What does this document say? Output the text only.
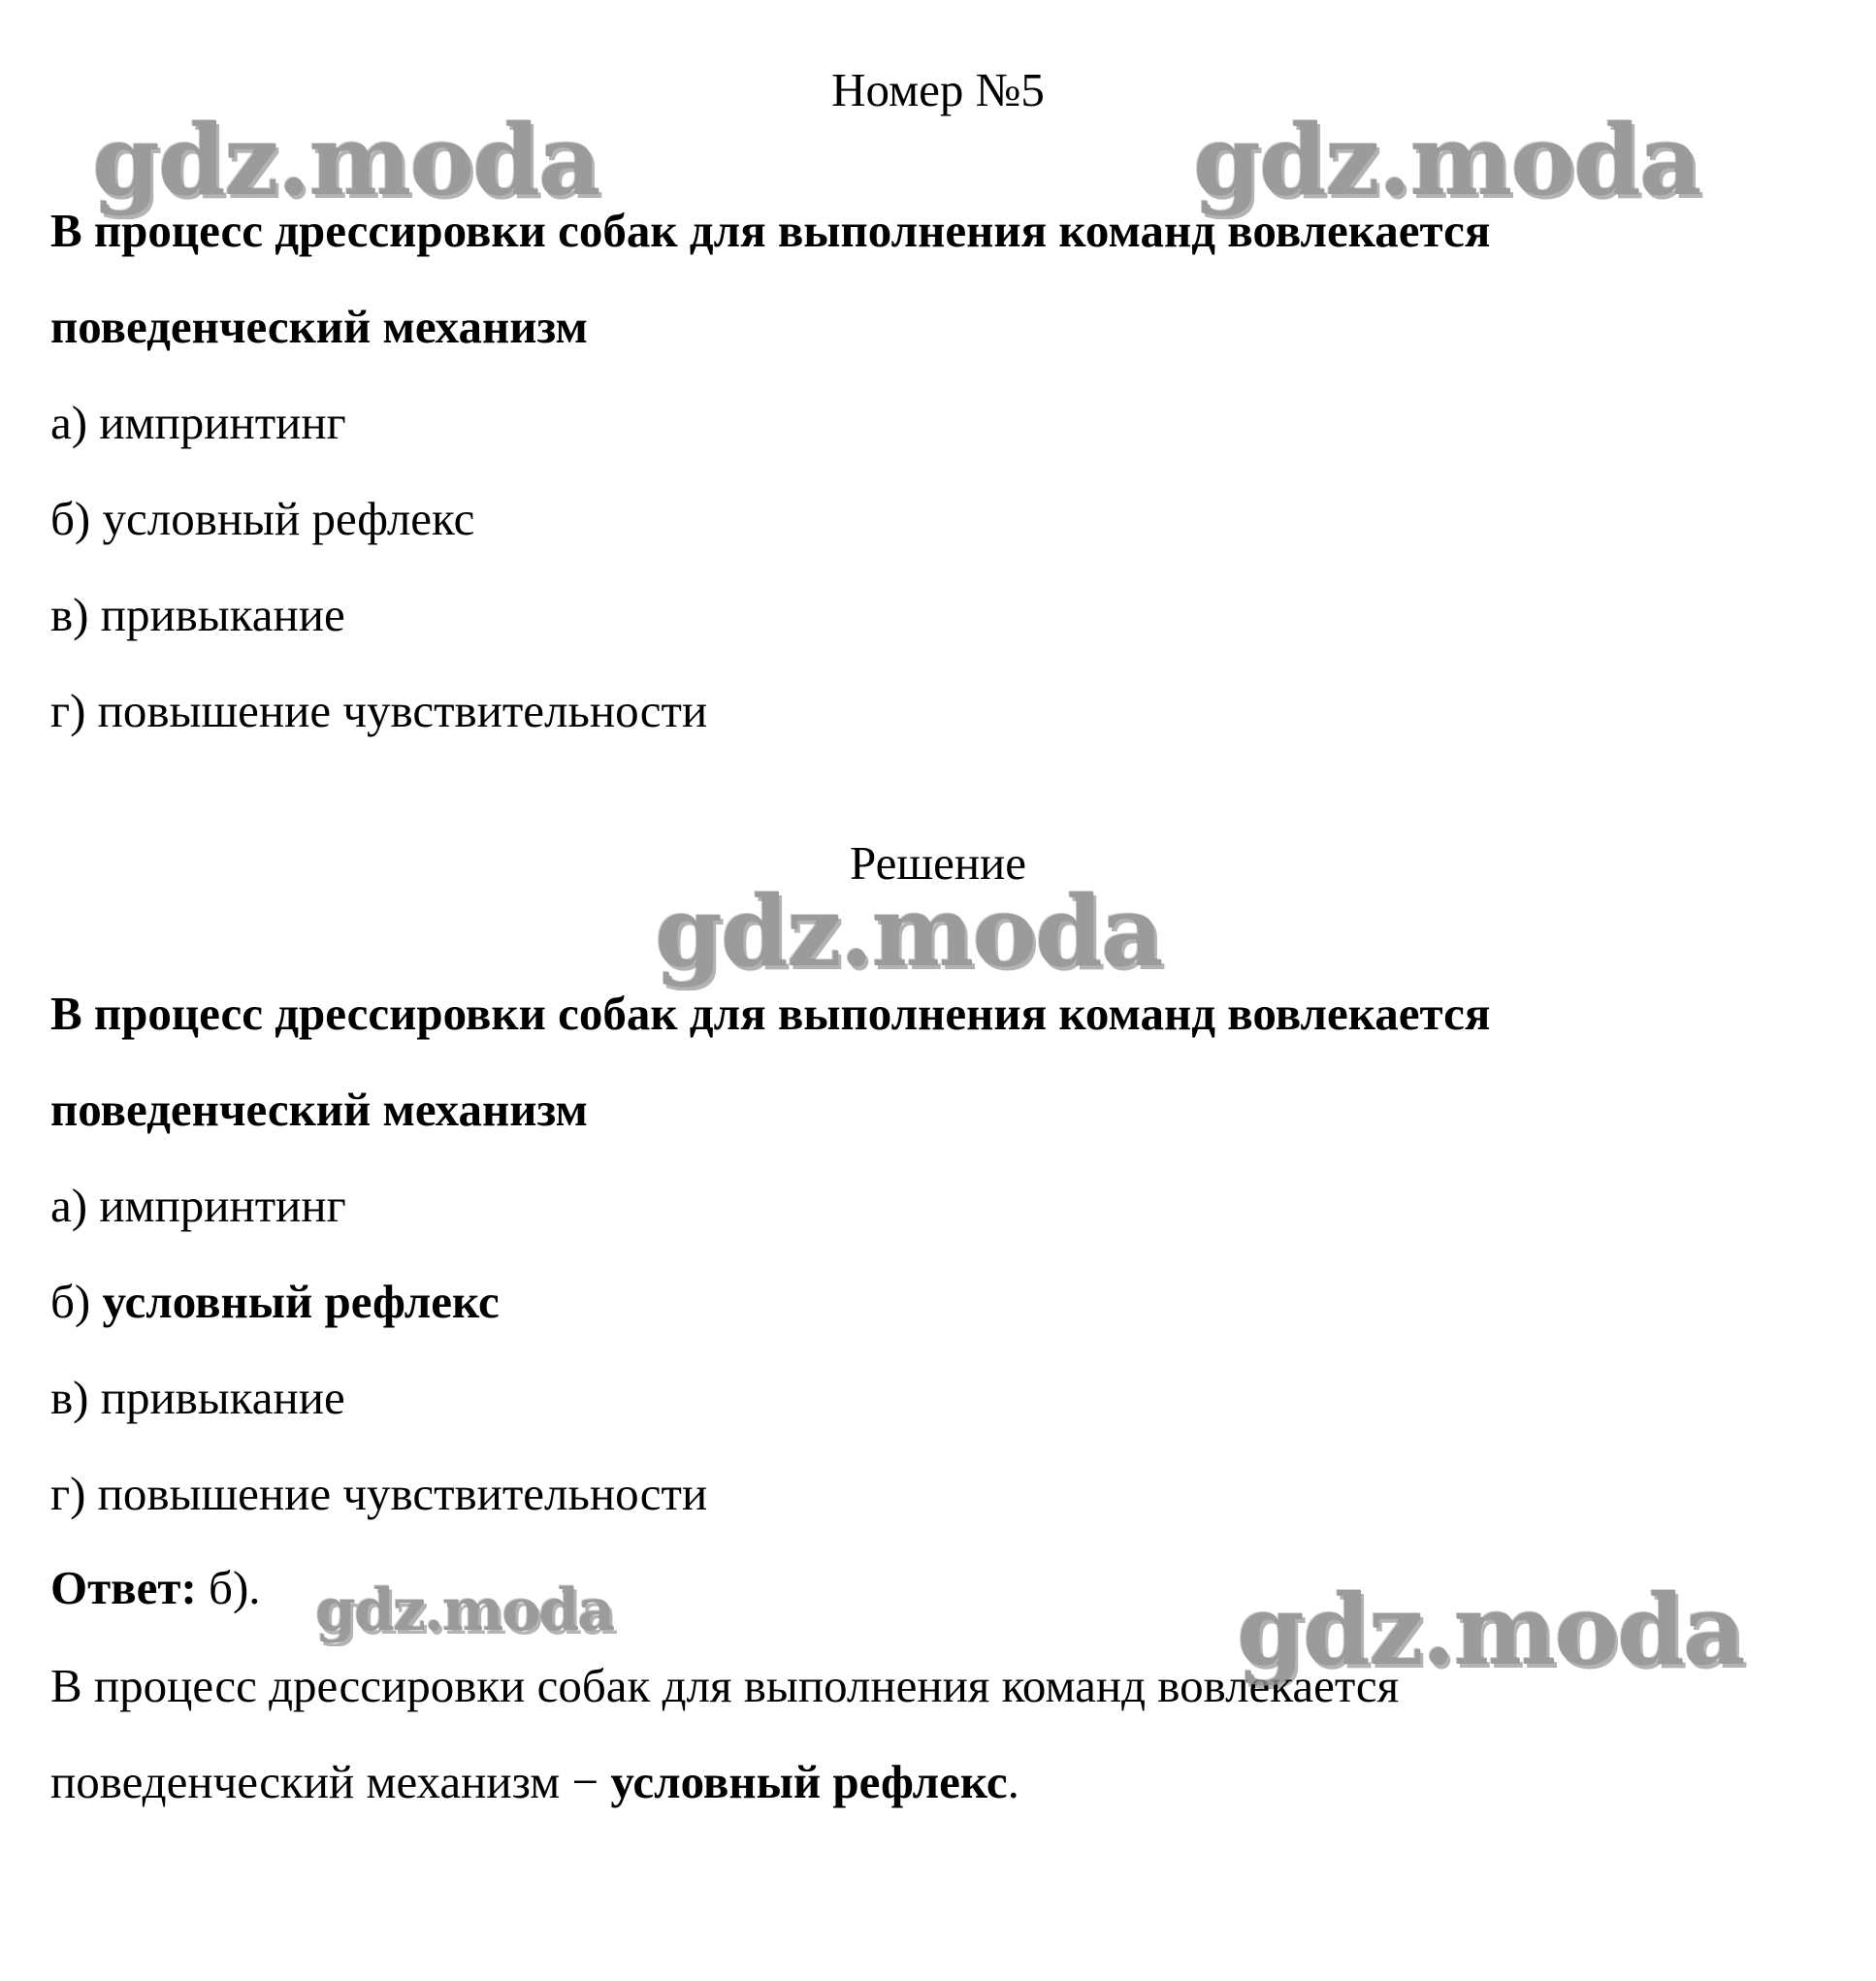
Номер №5
В процесс дрессировки собак для выполнения команд вовлекается
поведенческий механизм
а) импринтинг
б) условный рефлекс
в) привыкание
г) повышение чувствительности
Решение
В процесс дрессировки собак для выполнения команд вовлекается
поведенческий механизм
а) импринтинг
б) условный рефлекс
в) привыкание
г) повышение чувствительности
Ответ: б).
В процесс дрессировки собак для выполнения команд вовлекается
поведенческий механизм − условный рефлекс.
gdz.moda	gdz.moda
gdz.moda
gdz.moda	gdz.moda
